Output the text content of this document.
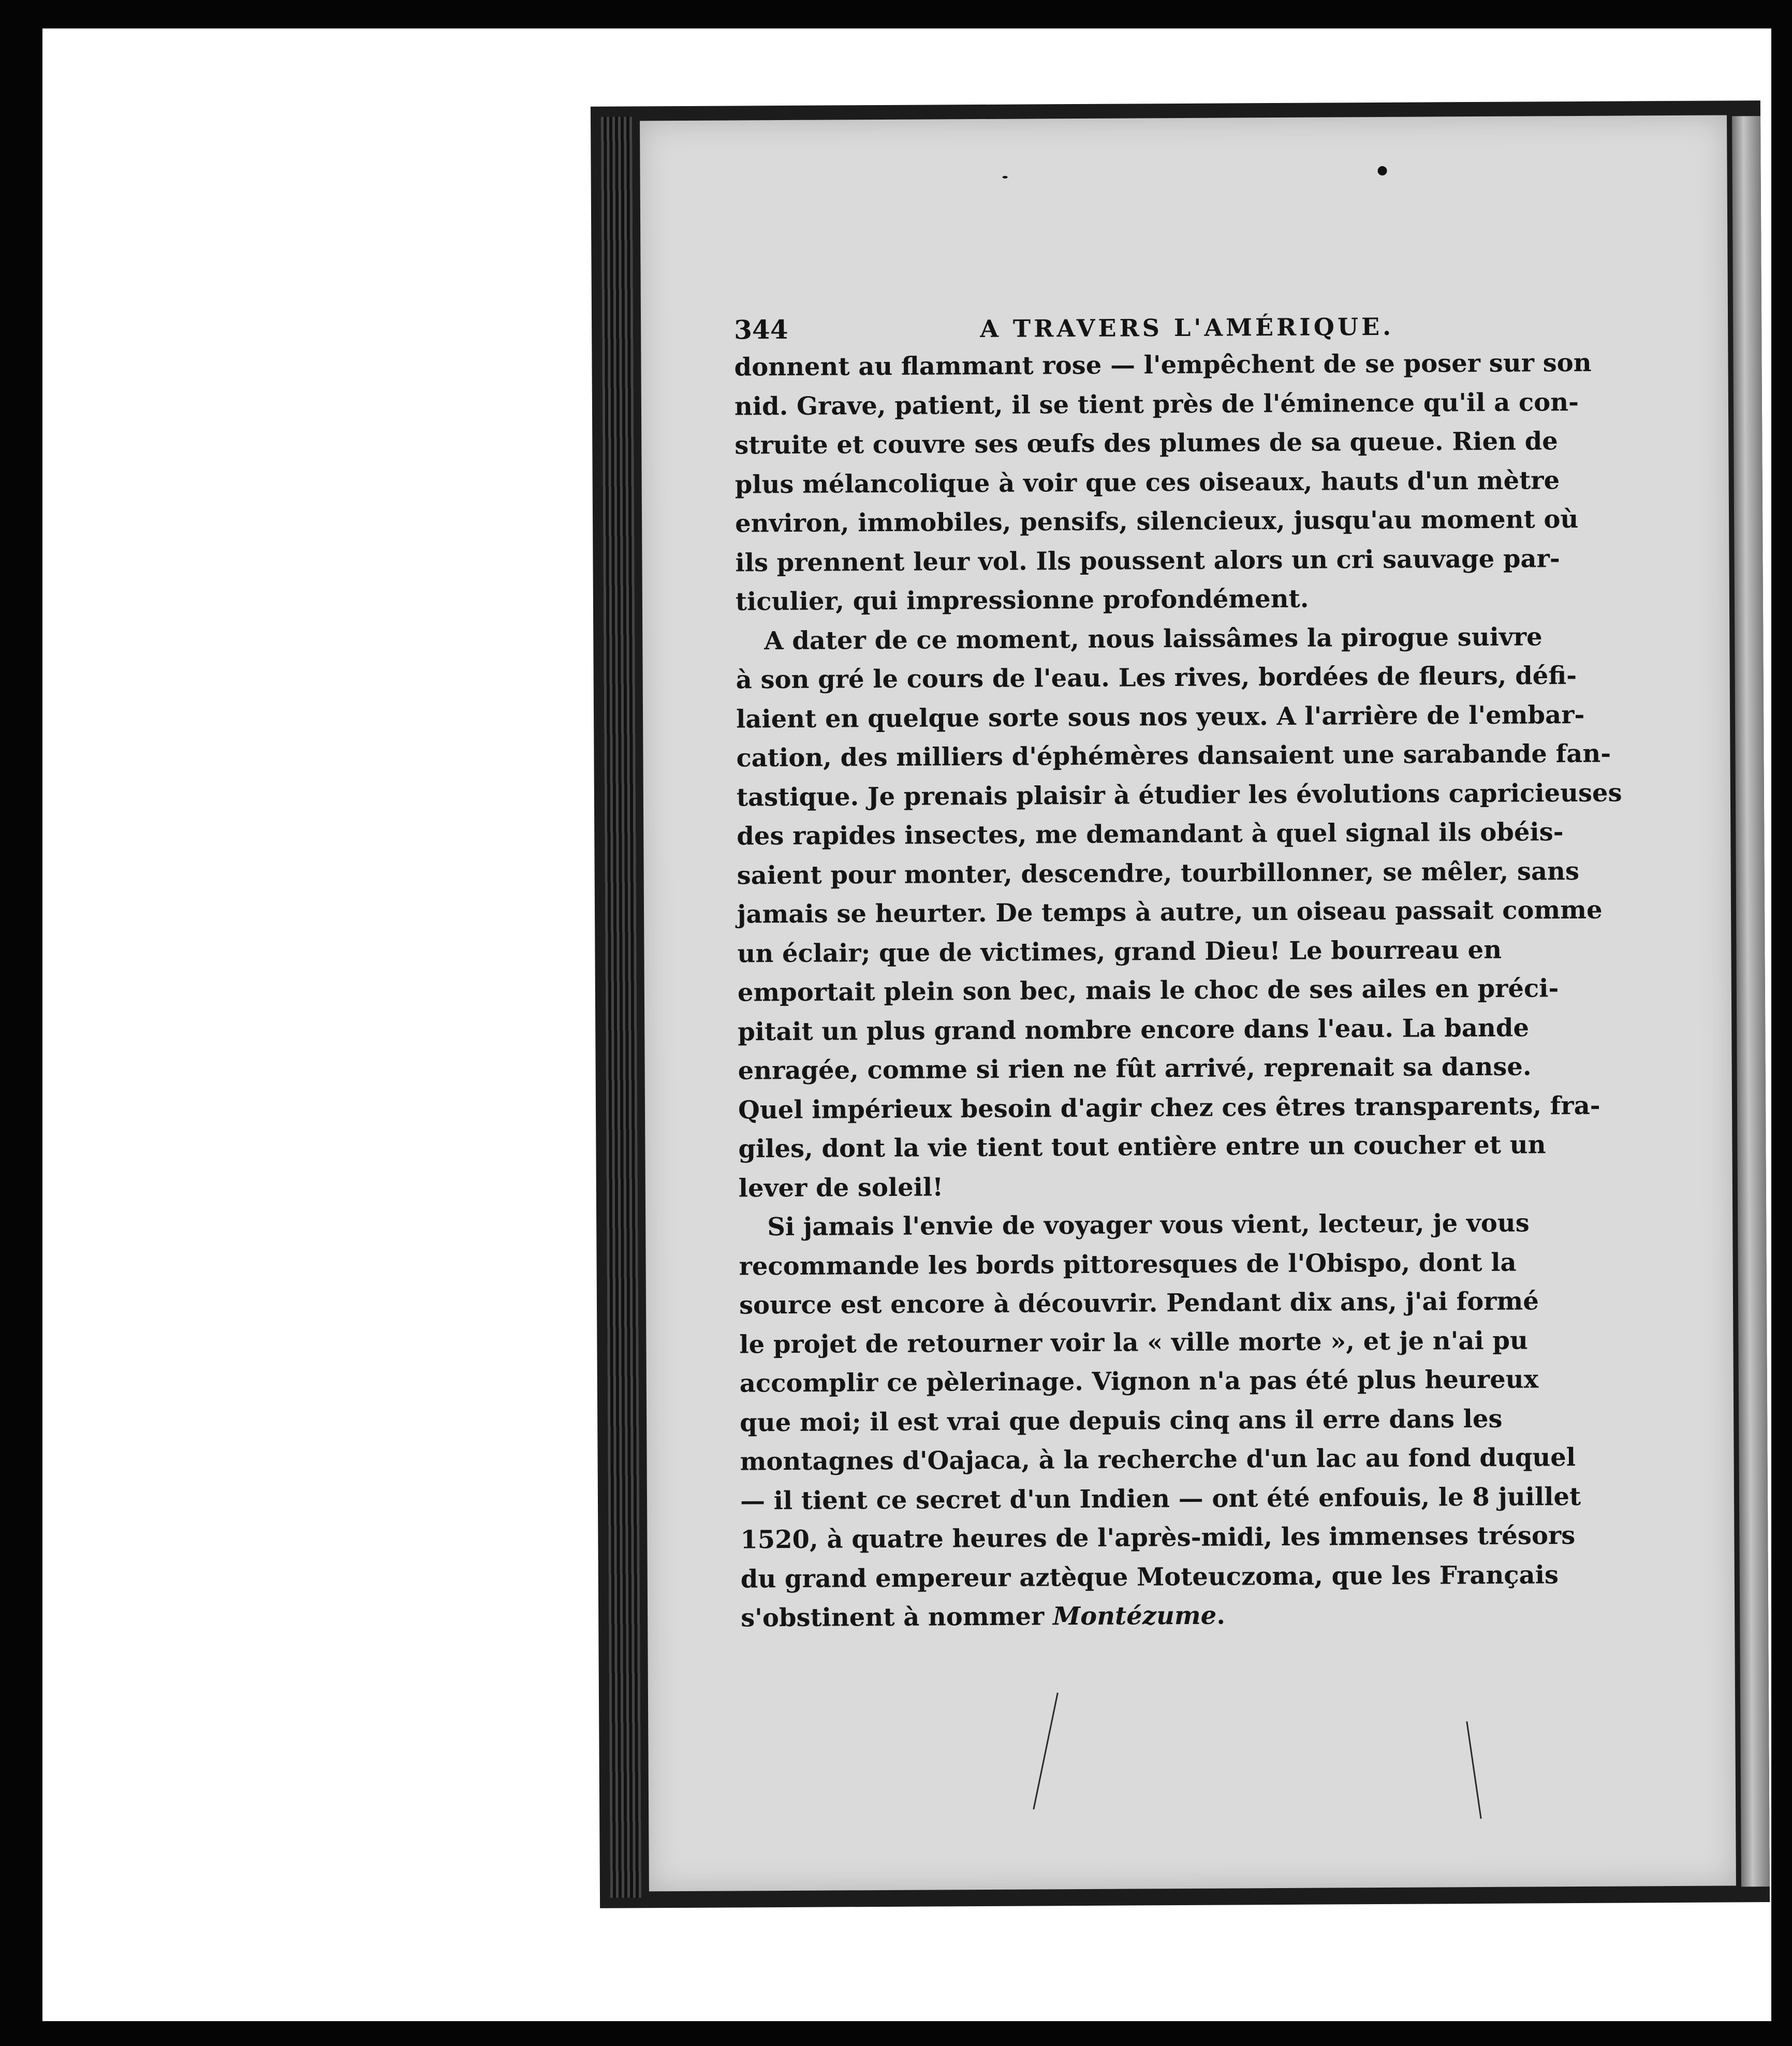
344	A TRAVERS L'AMÉRIQUE.
donnent au flammant rose — l'empêchent de se poser sur son
nid. Grave, patient, il se tient près de l'éminence qu'il a con-
struite et couvre ses œufs des plumes de sa queue. Rien de
plus mélancolique à voir que ces oiseaux, hauts d'un mètre
environ, immobiles, pensifs, silencieux, jusqu'au moment où
ils prennent leur vol. Ils poussent alors un cri sauvage par-
ticulier, qui impressionne profondément.
A dater de ce moment, nous laissâmes la pirogue suivre
à son gré le cours de l'eau. Les rives, bordées de fleurs, défi-
laient en quelque sorte sous nos yeux. A l'arrière de l'embar-
cation, des milliers d'éphémères dansaient une sarabande fan-
tastique. Je prenais plaisir à étudier les évolutions capricieuses
des rapides insectes, me demandant à quel signal ils obéis-
saient pour monter, descendre, tourbillonner, se mêler, sans
jamais se heurter. De temps à autre, un oiseau passait comme
un éclair; que de victimes, grand Dieu! Le bourreau en
emportait plein son bec, mais le choc de ses ailes en préci-
pitait un plus grand nombre encore dans l'eau. La bande
enragée, comme si rien ne fût arrivé, reprenait sa danse.
Quel impérieux besoin d'agir chez ces êtres transparents, fra-
giles, dont la vie tient tout entière entre un coucher et un
lever de soleil!
Si jamais l'envie de voyager vous vient, lecteur, je vous
recommande les bords pittoresques de l'Obispo, dont la
source est encore à découvrir. Pendant dix ans, j'ai formé
le projet de retourner voir la « ville morte », et je n'ai pu
accomplir ce pèlerinage. Vignon n'a pas été plus heureux
que moi; il est vrai que depuis cinq ans il erre dans les
montagnes d'Oajaca, à la recherche d'un lac au fond duquel
— il tient ce secret d'un Indien — ont été enfouis, le 8 juillet
1520, à quatre heures de l'après-midi, les immenses trésors
du grand empereur aztèque Moteuczoma, que les Français
s'obstinent à nommer Montézume.
